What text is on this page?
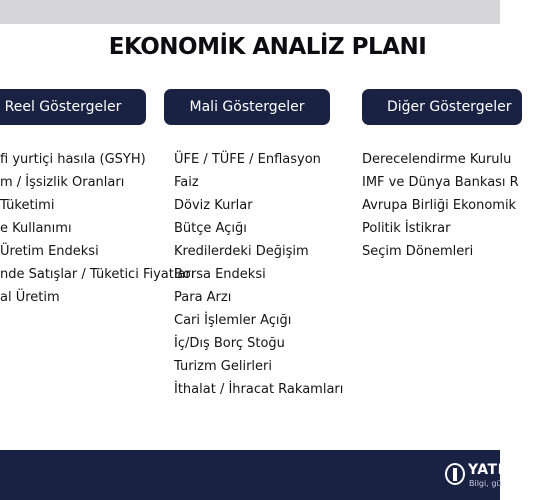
EKONOMİK ANALİZ PLANI
Reel Göstergeler	Mali Göstergeler	Diğer Göstergeler
fi yurtiçi hasıla (GSYH)
m / İşsizlik Oranları
Tüketimi
e Kullanımı
Üretim Endeksi
nde Satışlar / Tüketici Fiyatları
al Üretim
ÜFE / TÜFE / Enflasyon
Faiz
Döviz Kurlar
Bütçe Açığı
Kredilerdeki Değişim
Borsa Endeksi
Para Arzı
Cari İşlemler Açığı
İç/Dış Borç Stoğu
Turizm Gelirleri
İthalat / İhracat Rakamları
Derecelendirme Kurulu
IMF ve Dünya Bankası R
Avrupa Birliği Ekonomik
Politik İstikrar
Seçim Dönemleri
YATIR
Bilgi, gü
